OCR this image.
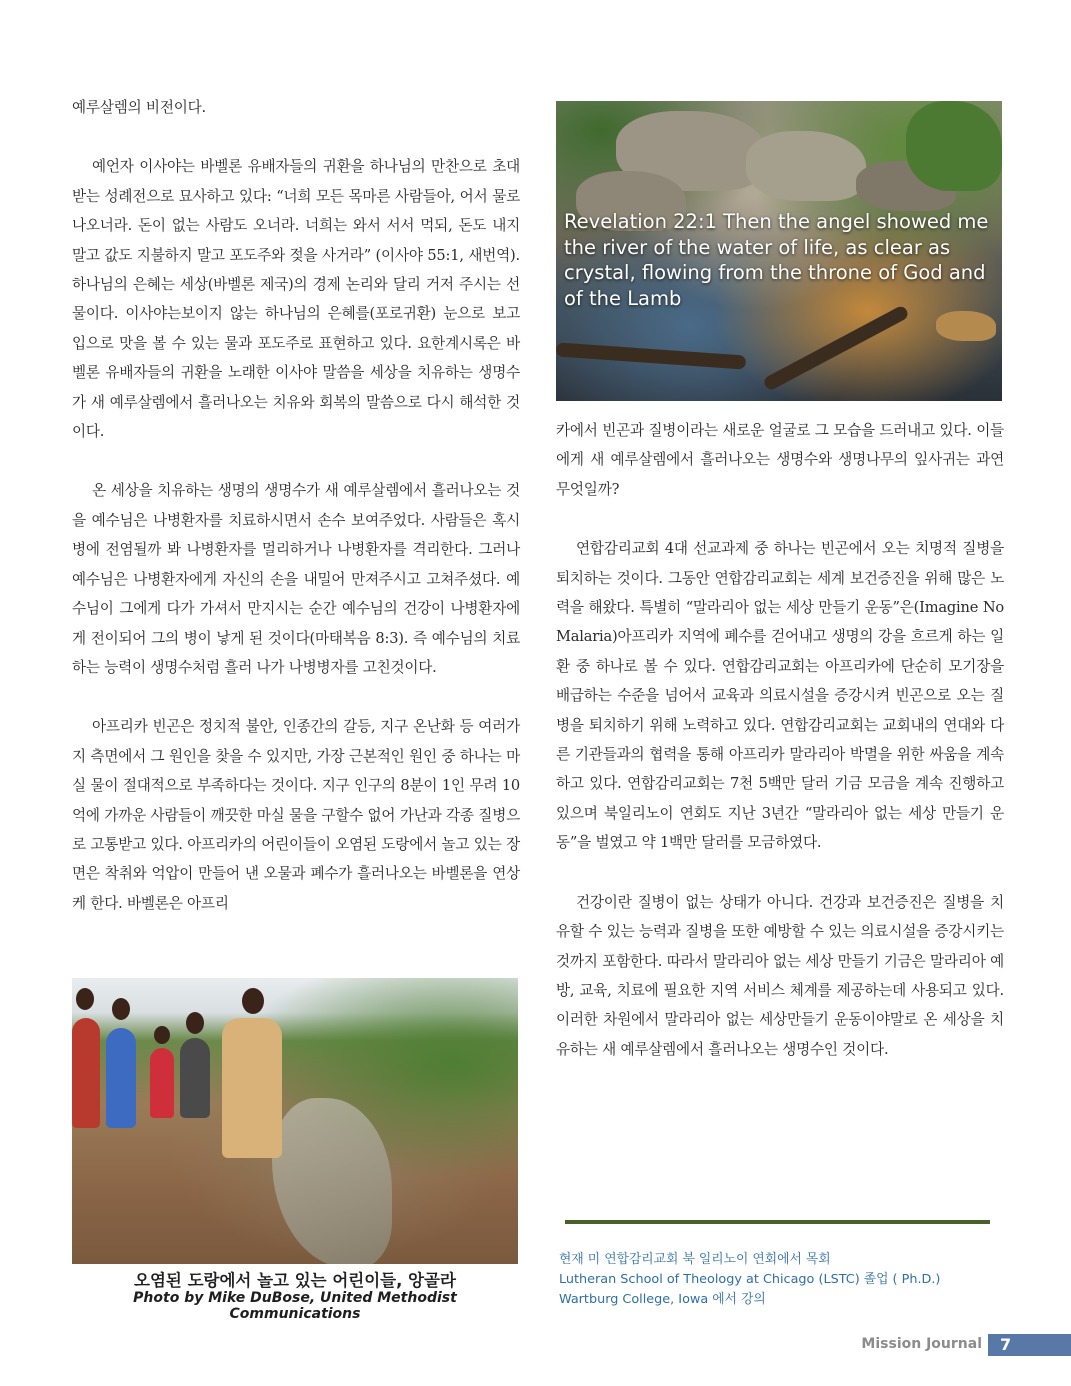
예루살렘의 비전이다.

예언자 이사야는 바벨론 유배자들의 귀환을 하나님의 만찬으로 초대받는 성례전으로 묘사하고 있다: “너희 모든 목마른 사람들아, 어서 물로 나오너라. 돈이 없는 사람도 오너라. 너희는 와서 서서 먹되, 돈도 내지 말고 값도 지불하지 말고 포도주와 젖을 사거라” (이사야 55:1, 새번역). 하나님의 은혜는 세상(바벨론 제국)의 경제 논리와 달리 거저 주시는 선물이다. 이사야는보이지 않는 하나님의 은혜를(포로귀환) 눈으로 보고 입으로 맛을 볼 수 있는 물과 포도주로 표현하고 있다. 요한계시록은 바벨론 유배자들의 귀환을 노래한 이사야 말씀을 세상을 치유하는 생명수가 새 예루살렘에서 흘러나오는 치유와 회복의 말씀으로 다시 해석한 것이다.

온 세상을 치유하는 생명의 생명수가 새 예루살렘에서 흘러나오는 것을 예수님은 나병환자를 치료하시면서 손수 보여주었다. 사람들은 혹시 병에 전염될까 봐 나병환자를 멀리하거나 나병환자를 격리한다. 그러나 예수님은 나병환자에게 자신의 손을 내밀어 만져주시고 고쳐주셨다. 예수님이 그에게 다가 가셔서 만지시는 순간 예수님의 건강이 나병환자에게 전이되어 그의 병이 낳게 된 것이다(마태복음 8:3). 즉 예수님의 치료하는 능력이 생명수처럼 흘러 나가 나병병자를 고친것이다.

아프리카 빈곤은 정치적 불안, 인종간의 갈등, 지구 온난화 등 여러가지 측면에서 그 원인을 찾을 수 있지만, 가장 근본적인 원인 중 하나는 마실 물이 절대적으로 부족하다는 것이다. 지구 인구의 8분이 1인 무려 10억에 가까운 사람들이 깨끗한 마실 물을 구할수 없어 가난과 각종 질병으로 고통받고 있다. 아프리카의 어린이들이 오염된 도랑에서 놀고 있는 장면은 착취와 억압이 만들어 낸 오물과 폐수가 흘러나오는 바벨론을 연상케 한다. 바벨론은 아프리

Revelation 22:1 Then the angel showed me the river of the water of life, as clear as crystal, flowing from the throne of God and of the Lamb

카에서 빈곤과 질병이라는 새로운 얼굴로 그 모습을 드러내고 있다. 이들에게 새 예루살렘에서 흘러나오는 생명수와 생명나무의 잎사귀는 과연 무엇일까?

연합감리교회 4대 선교과제 중 하나는 빈곤에서 오는 치명적 질병을 퇴치하는 것이다. 그동안 연합감리교회는 세계 보건증진을 위해 많은 노력을 해왔다. 특별히 “말라리아 없는 세상 만들기 운동”은(Imagine No Malaria)아프리카 지역에 폐수를 걷어내고 생명의 강을 흐르게 하는 일환 중 하나로 볼 수 있다. 연합감리교회는 아프리카에 단순히 모기장을 배급하는 수준을 넘어서 교육과 의료시설을 증강시켜 빈곤으로 오는 질병을 퇴치하기 위해 노력하고 있다. 연합감리교회는 교회내의 연대와 다른 기관들과의 협력을 통해 아프리카 말라리아 박멸을 위한 싸움을 계속하고 있다. 연합감리교회는 7천 5백만 달러 기금 모금을 계속 진행하고 있으며 북일리노이 연회도 지난 3년간 “말라리아 없는 세상 만들기 운동”을 벌였고 약 1백만 달러를 모금하였다.

건강이란 질병이 없는 상태가 아니다. 건강과 보건증진은 질병을 치유할 수 있는 능력과 질병을 또한 예방할 수 있는 의료시설을 증강시키는 것까지 포함한다. 따라서 말라리아 없는 세상 만들기 기금은 말라리아 예방, 교육, 치료에 필요한 지역 서비스 체계를 제공하는데 사용되고 있다. 이러한 차원에서 말라리아 없는 세상만들기 운동이야말로 온 세상을 치유하는 새 예루살렘에서 흘러나오는 생명수인 것이다.

오염된 도랑에서 놀고 있는 어린이들, 앙골라

Photo by Mike DuBose, United Methodist Communications

현재 미 연합감리교회 북 일리노이 연회에서 목회

Lutheran School of Theology at Chicago (LSTC) 졸업 ( Ph.D.)

Wartburg College, Iowa 에서 강의

Mission Journal	7
